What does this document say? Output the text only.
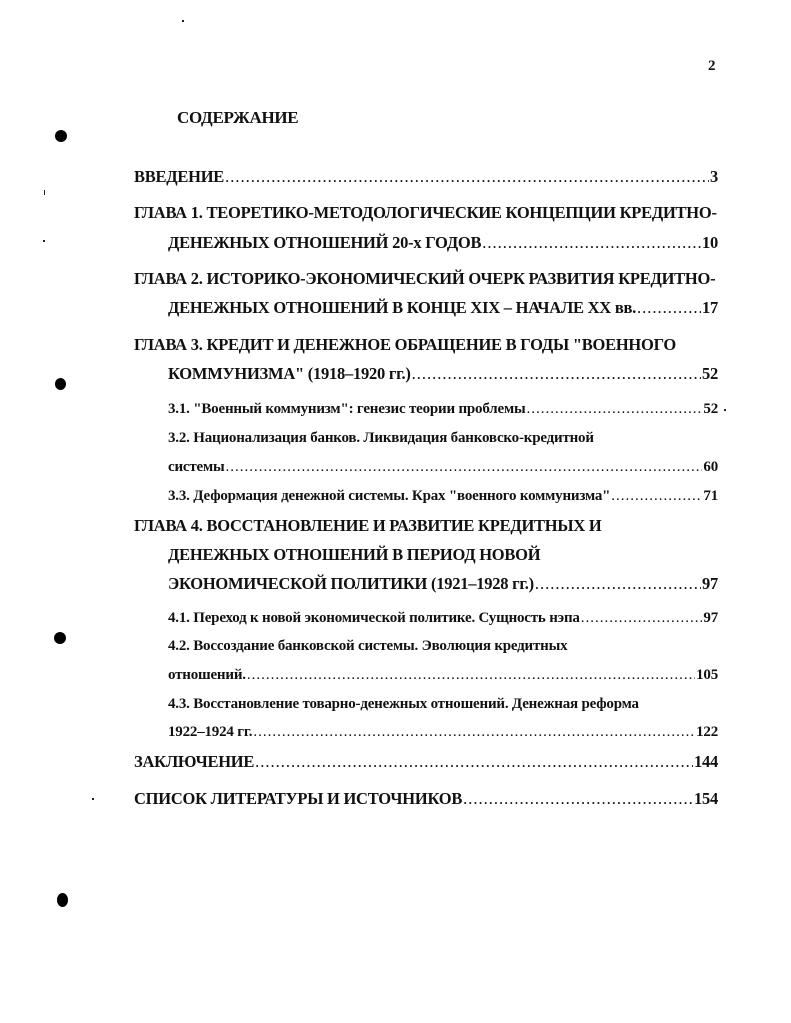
2
СОДЕРЖАНИЕ
ВВЕДЕНИЕ .....	3
ГЛАВА 1. ТЕОРЕТИКО-МЕТОДОЛОГИЧЕСКИЕ КОНЦЕПЦИИ КРЕДИТНО-
ДЕНЕЖНЫХ ОТНОШЕНИЙ 20-х ГОДОВ .....	10
ГЛАВА 2. ИСТОРИКО-ЭКОНОМИЧЕСКИЙ ОЧЕРК РАЗВИТИЯ КРЕДИТНО-
ДЕНЕЖНЫХ ОТНОШЕНИЙ В КОНЦЕ XIX – НАЧАЛЕ XX вв. .....	17
ГЛАВА 3. КРЕДИТ И ДЕНЕЖНОЕ ОБРАЩЕНИЕ В ГОДЫ "ВОЕННОГО
КОММУНИЗМА" (1918–1920 гг.) .....	52
3.1. "Военный коммунизм": генезис теории проблемы .....	52
3.2. Национализация банков. Ликвидация банковско-кредитной
системы .....	60
3.3. Деформация денежной системы. Крах "военного коммунизма" .....	71
ГЛАВА 4. ВОССТАНОВЛЕНИЕ И РАЗВИТИЕ КРЕДИТНЫХ И
ДЕНЕЖНЫХ ОТНОШЕНИЙ В ПЕРИОД НОВОЙ
ЭКОНОМИЧЕСКОЙ ПОЛИТИКИ (1921–1928 гг.) .....	97
4.1. Переход к новой экономической политике. Сущность нэпа .....	97
4.2. Воссоздание банковской системы. Эволюция кредитных
отношений. .....	105
4.3. Восстановление товарно-денежных отношений. Денежная реформа
1922–1924 гг. .....	122
ЗАКЛЮЧЕНИЕ .....	144
СПИСОК ЛИТЕРАТУРЫ И ИСТОЧНИКОВ .....	154
